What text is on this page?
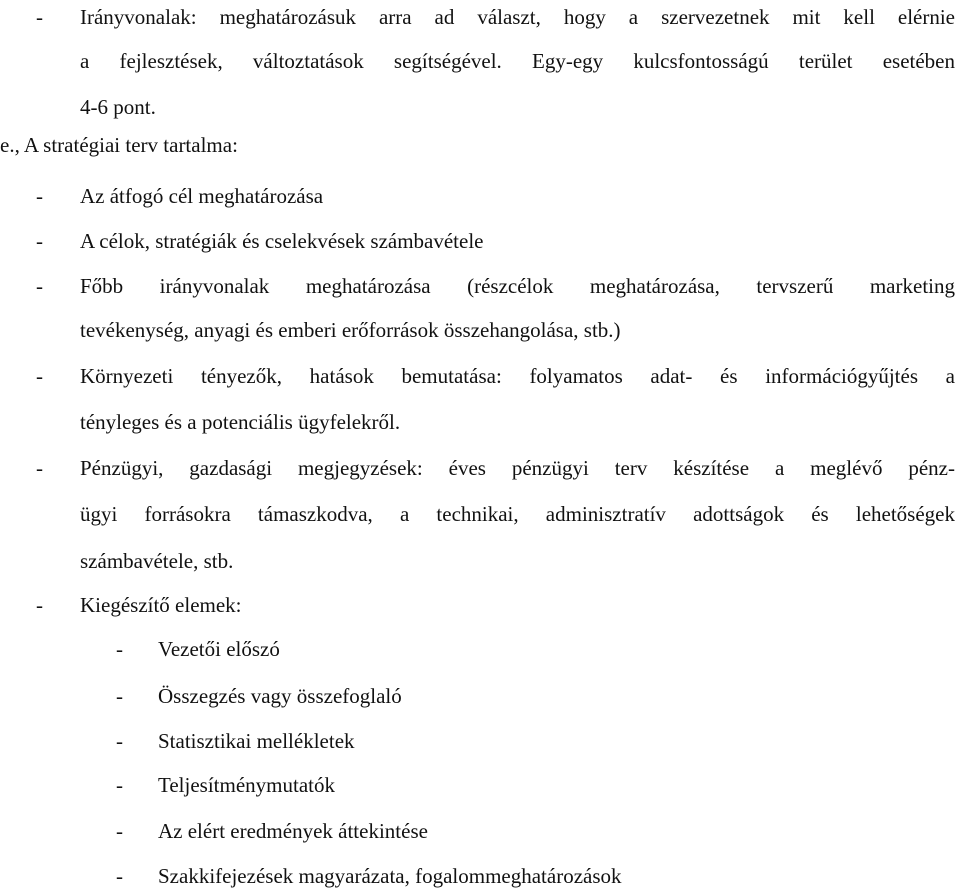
- Irányvonalak: meghatározásuk arra ad választ, hogy a szervezetnek mit kell elérnie
a fejlesztések, változtatások segítségével. Egy-egy kulcsfontosságú terület esetében
4-6 pont.
e., A stratégiai terv tartalma:
- Az átfogó cél meghatározása
- A célok, stratégiák és cselekvések számbavétele
- Főbb irányvonalak meghatározása (részcélok meghatározása, tervszerű marketing
tevékenység, anyagi és emberi erőforrások összehangolása, stb.)
- Környezeti tényezők, hatások bemutatása: folyamatos adat- és információgyűjtés a
tényleges és a potenciális ügyfelekről.
- Pénzügyi, gazdasági megjegyzések: éves pénzügyi terv készítése a meglévő pénz-
ügyi forrásokra támaszkodva, a technikai, adminisztratív adottságok és lehetőségek
számbavétele, stb.
- Kiegészítő elemek:
- Vezetői előszó
- Összegzés vagy összefoglaló
- Statisztikai mellékletek
- Teljesítménymutatók
- Az elért eredmények áttekintése
- Szakkifejezések magyarázata, fogalommeghatározások
